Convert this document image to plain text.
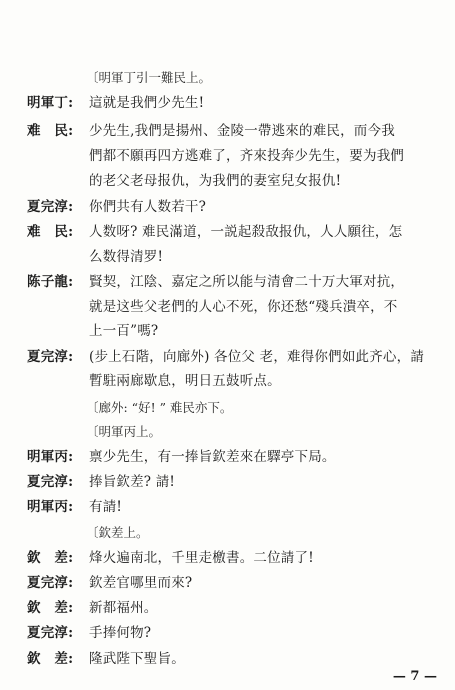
〔明軍丁引一難民上。
明軍丁: 這就是我們少先生!
难　民: 少先生,我們是揚州、金陵一帶逃來的难民，而今我
們都不願再四方逃难了，齐來投奔少先生，要为我們
的老父老母报仇，为我們的妻室兒女报仇!
夏完淳: 你們共有人数若干?
难　民: 人数呀? 难民滿道，一説起殺敌报仇，人人願往，怎
么数得清罗!
陈子龍: 賢契，江陰、嘉定之所以能与清會二十万大軍对抗，
就是这些父老們的人心不死，你还愁“殘兵潰卒，不
上一百”嗎?
夏完淳: (步上石階，向廊外) 各位父 老，难得你們如此齐心，請
暫駐兩廊歇息，明日五鼓听点。
〔廊外: “好! ” 难民亦下。
〔明軍丙上。
明軍丙: 禀少先生，有一捧旨欽差來在驛亭下局。
夏完淳: 捧旨欽差? 請!
明軍丙: 有請!
〔欽差上。
欽　差: 烽火遍南北，千里走檄書。二位請了!
夏完淳: 欽差官哪里而來?
欽　差: 新都福州。
夏完淳: 手捧何物?
欽　差: 隆武陛下聖旨。
— 7 —
